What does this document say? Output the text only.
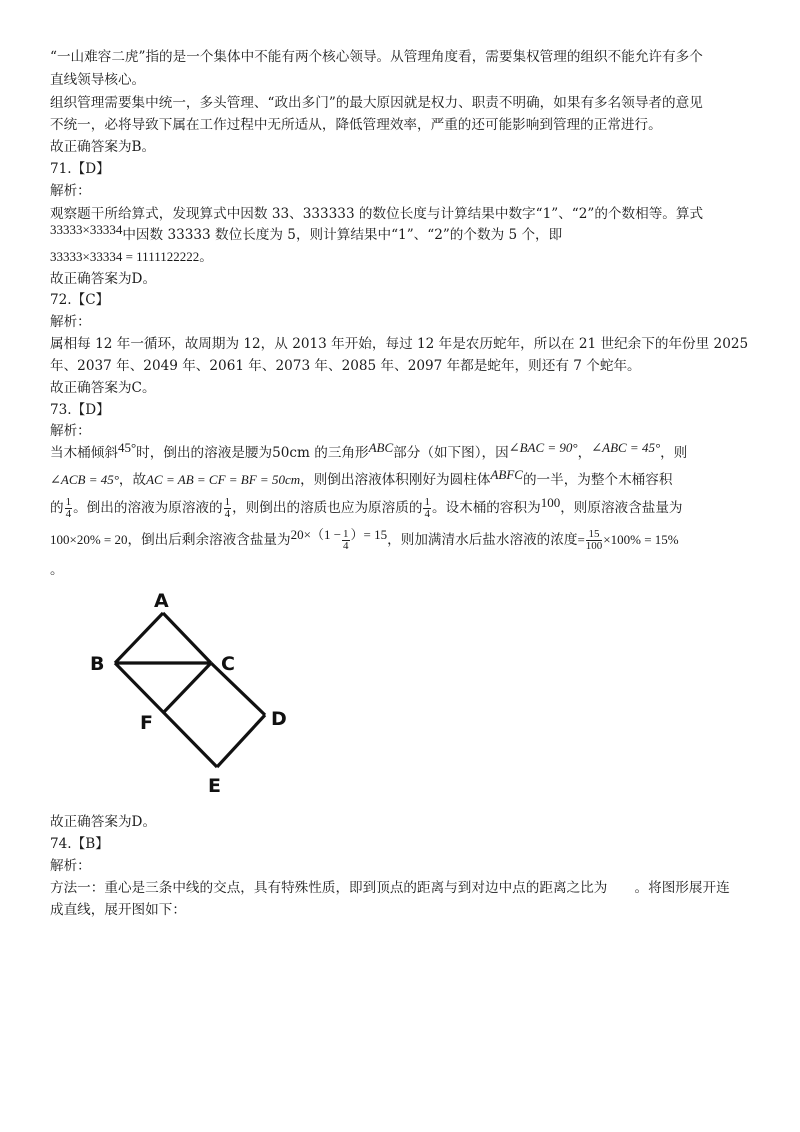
“一山难容二虎”指的是一个集体中不能有两个核心领导。从管理角度看，需要集权管理的组织不能允许有多个
直线领导核心。
组织管理需要集中统一，多头管理、“政出多门”的最大原因就是权力、职责不明确，如果有多名领导者的意见
不统一，必将导致下属在工作过程中无所适从，降低管理效率，严重的还可能影响到管理的正常进行。
故正确答案为B。
71.【D】
解析：
观察题干所给算式，发现算式中因数 33、333333 的数位长度与计算结果中数字“1”、“2”的个数相等。算式
33333×33334中因数 33333 数位长度为 5，则计算结果中“1”、“2”的个数为 5 个，即
33333×33334 = 1111122222。
故正确答案为D。
72.【C】
解析：
属相每 12 年一循环，故周期为 12，从 2013 年开始，每过 12 年是农历蛇年，所以在 21 世纪余下的年份里 2025
年、2037 年、2049 年、2061 年、2073 年、2085 年、2097 年都是蛇年，则还有 7 个蛇年。
故正确答案为C。
73.【D】
解析：
当木桶倾斜45°时，倒出的溶液是腰为50cm 的三角形ABC部分（如下图），因∠BAC = 90°，∠ABC = 45°，则
∠ACB = 45°，故AC = AB = CF = BF = 50cm，则倒出溶液体积刚好为圆柱体ABFC的一半，为整个木桶容积
的 $\frac{1}{4}$ 。倒出的溶液为原溶液的 $\frac{1}{4}$ ，则倒出的溶质也应为原溶质的 $\frac{1}{4}$ 。设木桶的容积为100，则原溶液含盐量为
100×20% = 20，倒出后剩余溶液含盐量为$20\times(1 - \frac{1}{4}$ ）= 15，则加满清水后盐水溶液的浓度= $\frac{15}{100} \times 100\% = 15\%$
。
A
B	C
D
E
F
故正确答案为D。
74.【B】
解析：
方法一：重心是三条中线的交点，具有特殊性质，即到顶点的距离与到对边中点的距离之比为　　。将图形展开连
成直线，展开图如下：
